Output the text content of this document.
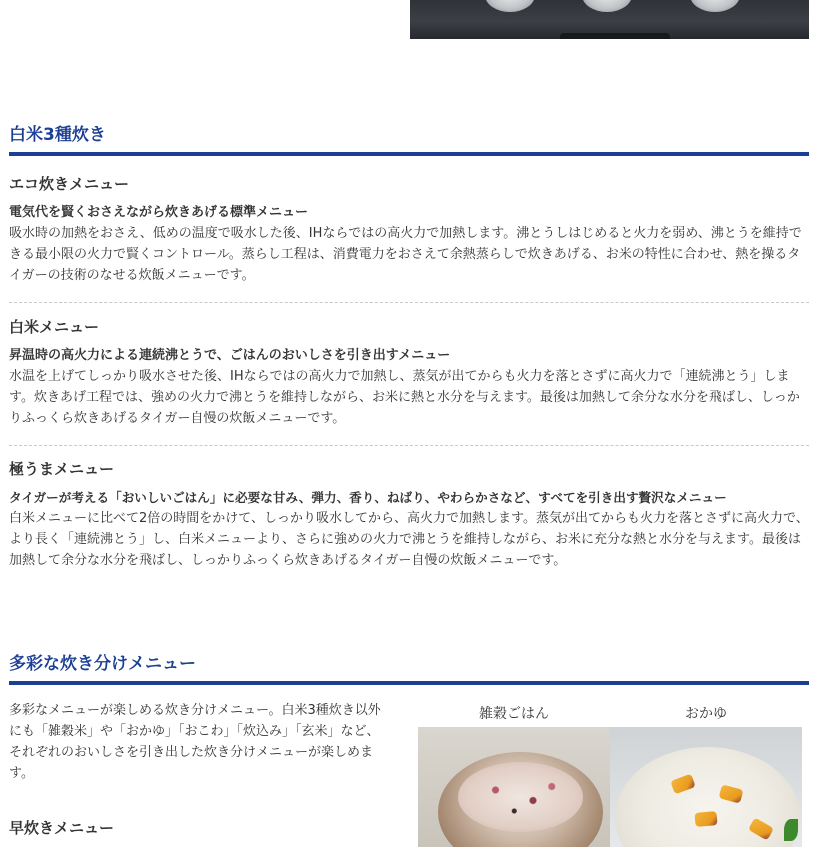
白米3種炊き
エコ炊きメニュー
電気代を賢くおさえながら炊きあげる標準メニュー

吸水時の加熱をおさえ、低めの温度で吸水した後、IHならではの高火力で加熱します。沸とうしはじめると火力を弱め、沸とうを維持できる最小限の火力で賢くコントロール。蒸らし工程は、消費電力をおさえて余熱蒸らしで炊きあげる、お米の特性に合わせ、熱を操るタイガーの技術のなせる炊飯メニューです。

白米メニュー
昇温時の高火力による連続沸とうで、ごはんのおいしさを引き出すメニュー

水温を上げてしっかり吸水させた後、IHならではの高火力で加熱し、蒸気が出てからも火力を落とさずに高火力で「連続沸とう」します。炊きあげ工程では、強めの火力で沸とうを維持しながら、お米に熱と水分を与えます。最後は加熱して余分な水分を飛ばし、しっかりふっくら炊きあげるタイガー自慢の炊飯メニューです。

極うまメニュー
タイガーが考える「おいしいごはん」に必要な甘み、弾力、香り、ねばり、やわらかさなど、すべてを引き出す贅沢なメニュー

白米メニューに比べて2倍の時間をかけて、しっかり吸水してから、高火力で加熱します。蒸気が出てからも火力を落とさずに高火力で、より長く「連続沸とう」し、白米メニューより、さらに強めの火力で沸とうを維持しながら、お米に充分な熱と水分を与えます。最後は加熱して余分な水分を飛ばし、しっかりふっくら炊きあげるタイガー自慢の炊飯メニューです。

多彩な炊き分けメニュー

多彩なメニューが楽しめる炊き分けメニュー。白米3種炊き以外にも「雑穀米」や「おかゆ」「おこわ」「炊込み」「玄米」など、それぞれのおいしさを引き出した炊き分けメニューが楽しめます。

雑穀ごはん	おかゆ
早炊きメニュー
